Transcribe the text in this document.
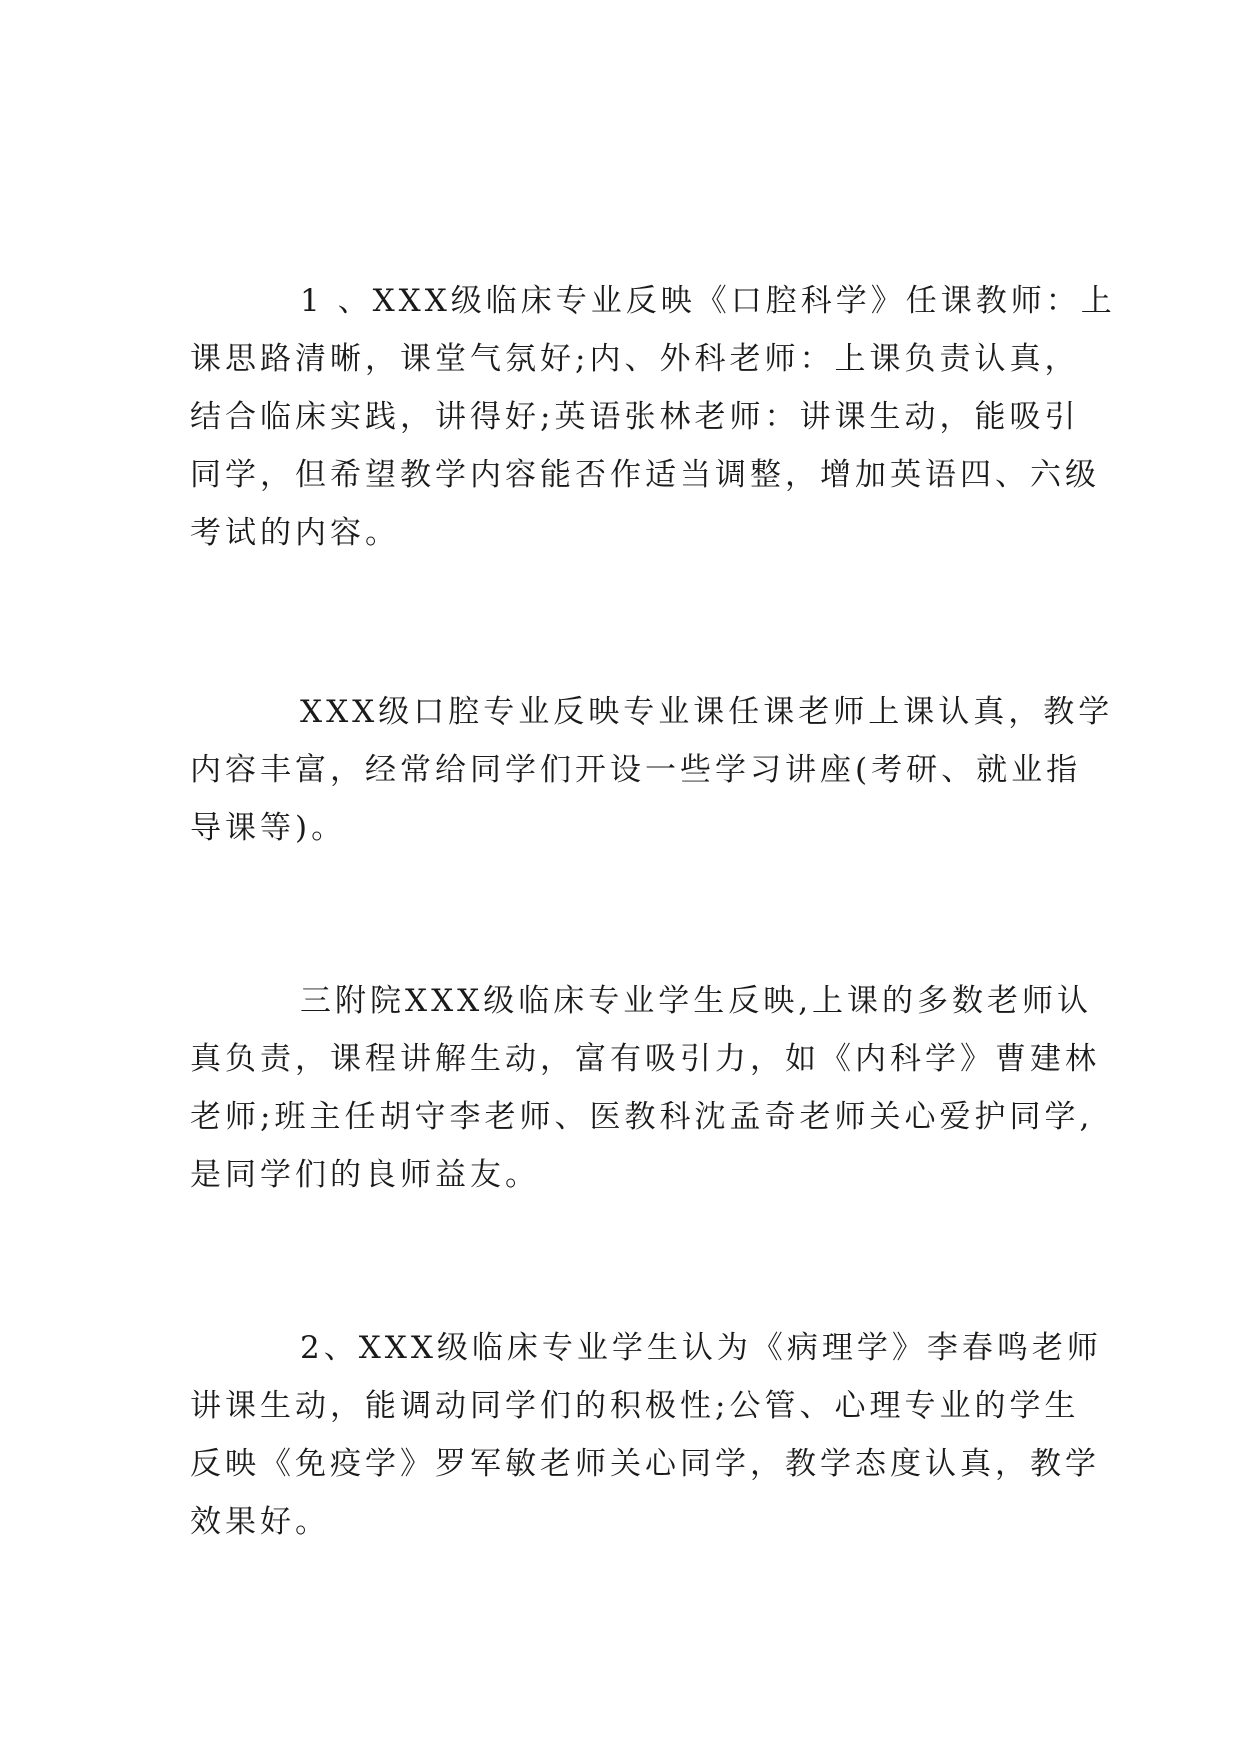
1 、XXX级临床专业反映《口腔科学》任课教师：上
课思路清晰，课堂气氛好;内、外科老师：上课负责认真，
结合临床实践，讲得好;英语张林老师：讲课生动，能吸引
同学，但希望教学内容能否作适当调整，增加英语四、六级
考试的内容。
XXX级口腔专业反映专业课任课老师上课认真，教学
内容丰富，经常给同学们开设一些学习讲座(考研、就业指
导课等)。
三附院XXX级临床专业学生反映,上课的多数老师认
真负责，课程讲解生动，富有吸引力，如《内科学》曹建林
老师;班主任胡守李老师、医教科沈孟奇老师关心爱护同学,
是同学们的良师益友。
2、XXX级临床专业学生认为《病理学》李春鸣老师
讲课生动，能调动同学们的积极性;公管、心理专业的学生
反映《免疫学》罗军敏老师关心同学，教学态度认真，教学
效果好。
